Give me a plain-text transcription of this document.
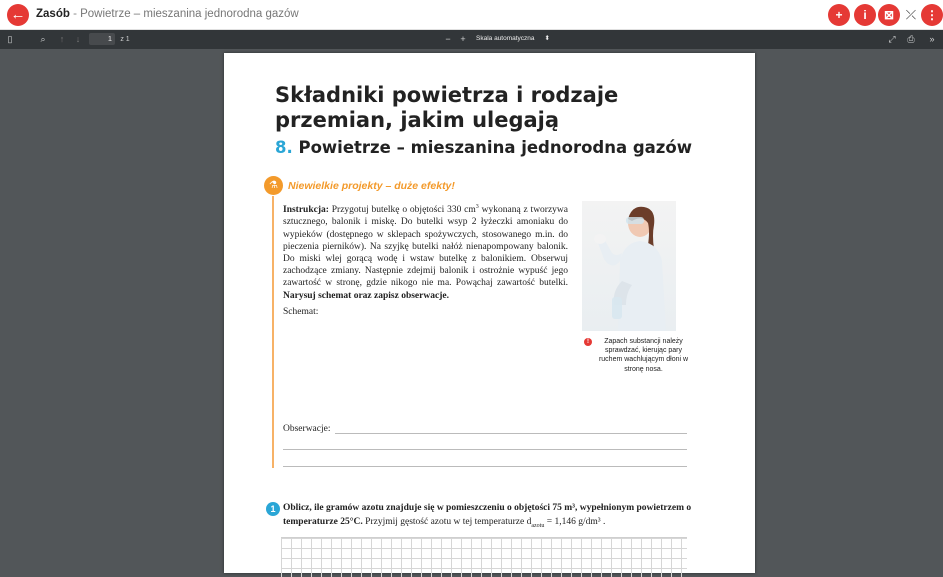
← Zasób - Powietrze – mieszanina jednorodna gazów	+	i	⊠ ⤫ ⋮
▯	⌕	↑	↓	1	z 1	−	+	Skala automatyczna ⬍	⤢ ⎙	»
Składniki powietrza i rodzaje przemian, jakim ulegają
8. Powietrze – mieszanina jednorodna gazów
⚗ Niewielkie projekty – duże efekty!
Instrukcja: Przygotuj butelkę o objętości 330 $cm^3$ wykonaną z tworzywa sztucznego, balonik i miskę. Do butelki wsyp 2 łyżeczki amoniaku do wypieków (dostępnego w sklepach spożywczych, stosowanego m.in. do pieczenia pierników). Na szyjkę butelki nałóż nienapompowany balonik. Do miski wlej gorącą wodę i wstaw butelkę z balonikiem. Obserwuj zachodzące zmiany. Następnie zdejmij balonik i ostrożnie wypuść jego zawartość w stronę, gdzie nikogo nie ma. Powąchaj zawartość butelki. Narysuj schemat oraz zapisz obserwacje.
Schemat:
!	Zapach substancji należy sprawdzać, kierując pary ruchem wachlującym dłoni w stronę nosa.
Obserwacje:
1 Oblicz, ile gramów azotu znajduje się w pomieszczeniu o objętości 75 m³, wypełnionym powietrzem o temperaturze 25°C. Przyjmij gęstość azotu w tej temperaturze $d_{azotu} = 1,146$ g/dm³ .
